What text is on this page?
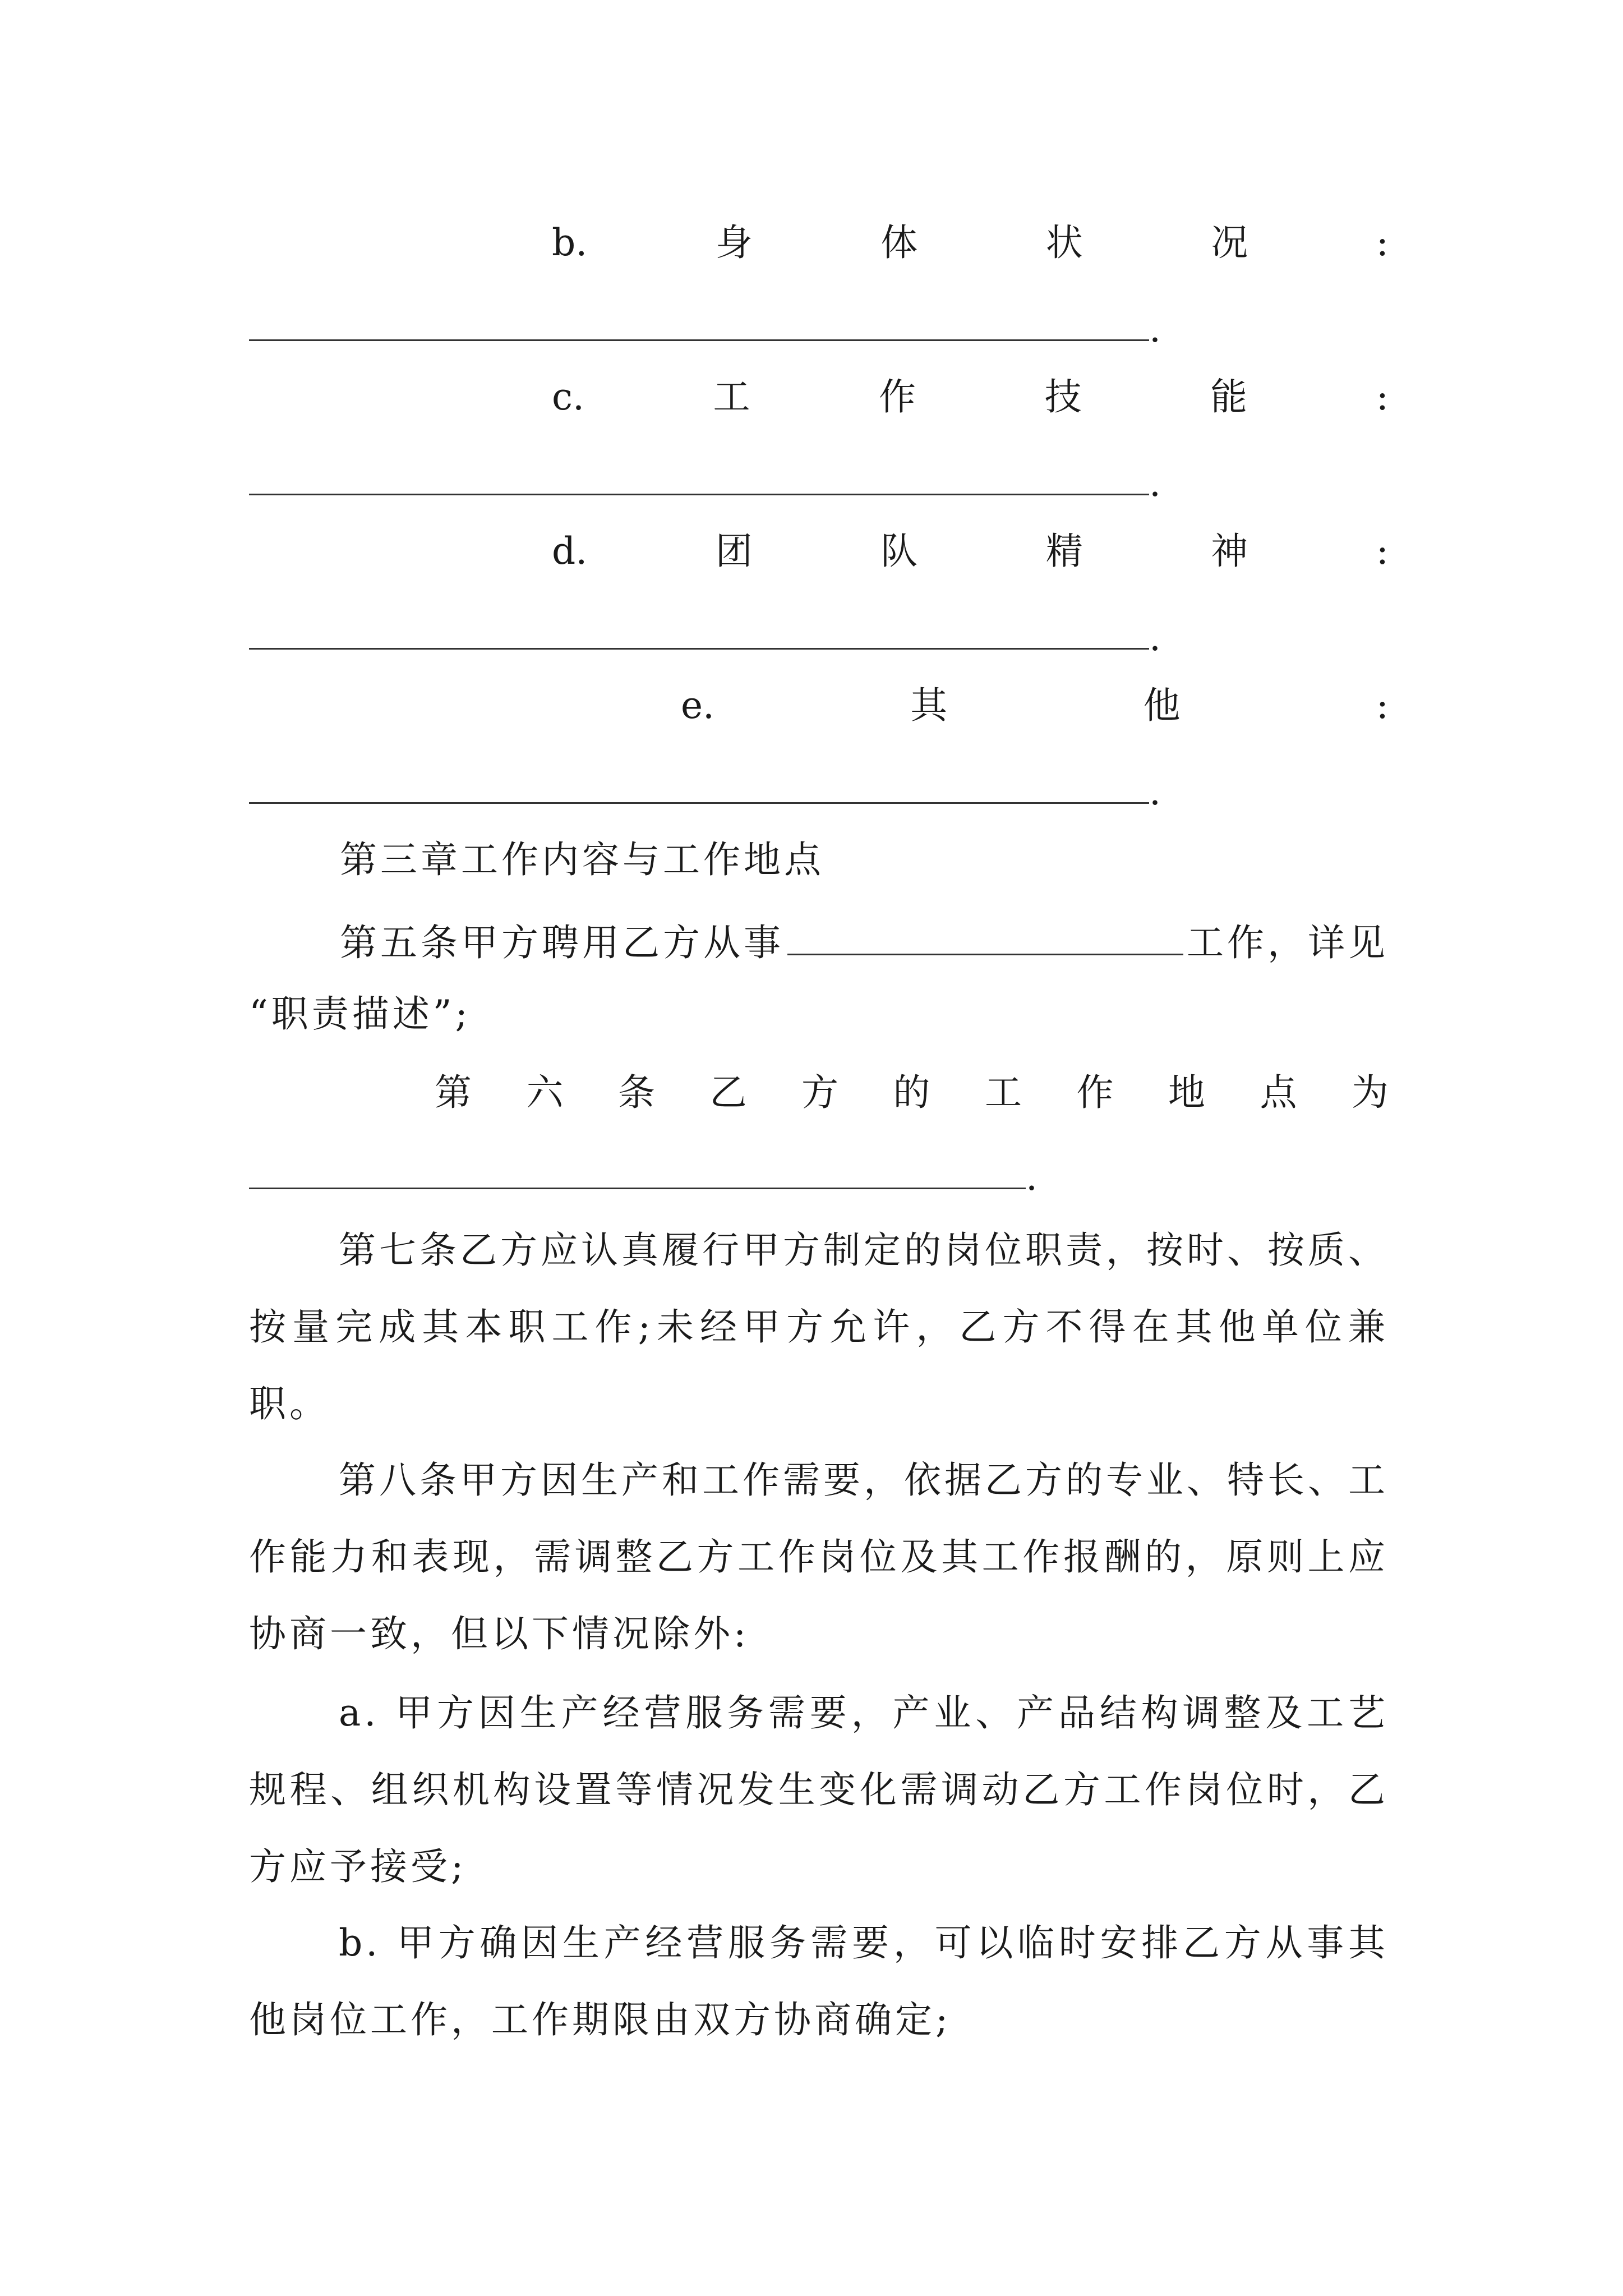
b.	身	体	状	况	:
.
c.	工	作	技	能	:
.
d.	团	队	精	神	:
.
e.	其	他	:
.
第三章工作内容与工作地点
第五条甲方聘用乙方从事	工作，详见
“职责描述”;
第 六 条 乙 方 的 工 作 地 点 为
.
第七条乙方应认真履行甲方制定的岗位职责，按时、按质、按量完成其本职工作;未经甲方允许，乙方不得在其他单位兼职。
第八条甲方因生产和工作需要，依据乙方的专业、特长、工作能力和表现，需调整乙方工作岗位及其工作报酬的，原则上应协商一致，但以下情况除外:
a. 甲方因生产经营服务需要，产业、产品结构调整及工艺规程、组织机构设置等情况发生变化需调动乙方工作岗位时，乙方应予接受;
b. 甲方确因生产经营服务需要，可以临时安排乙方从事其他岗位工作，工作期限由双方协商确定;
